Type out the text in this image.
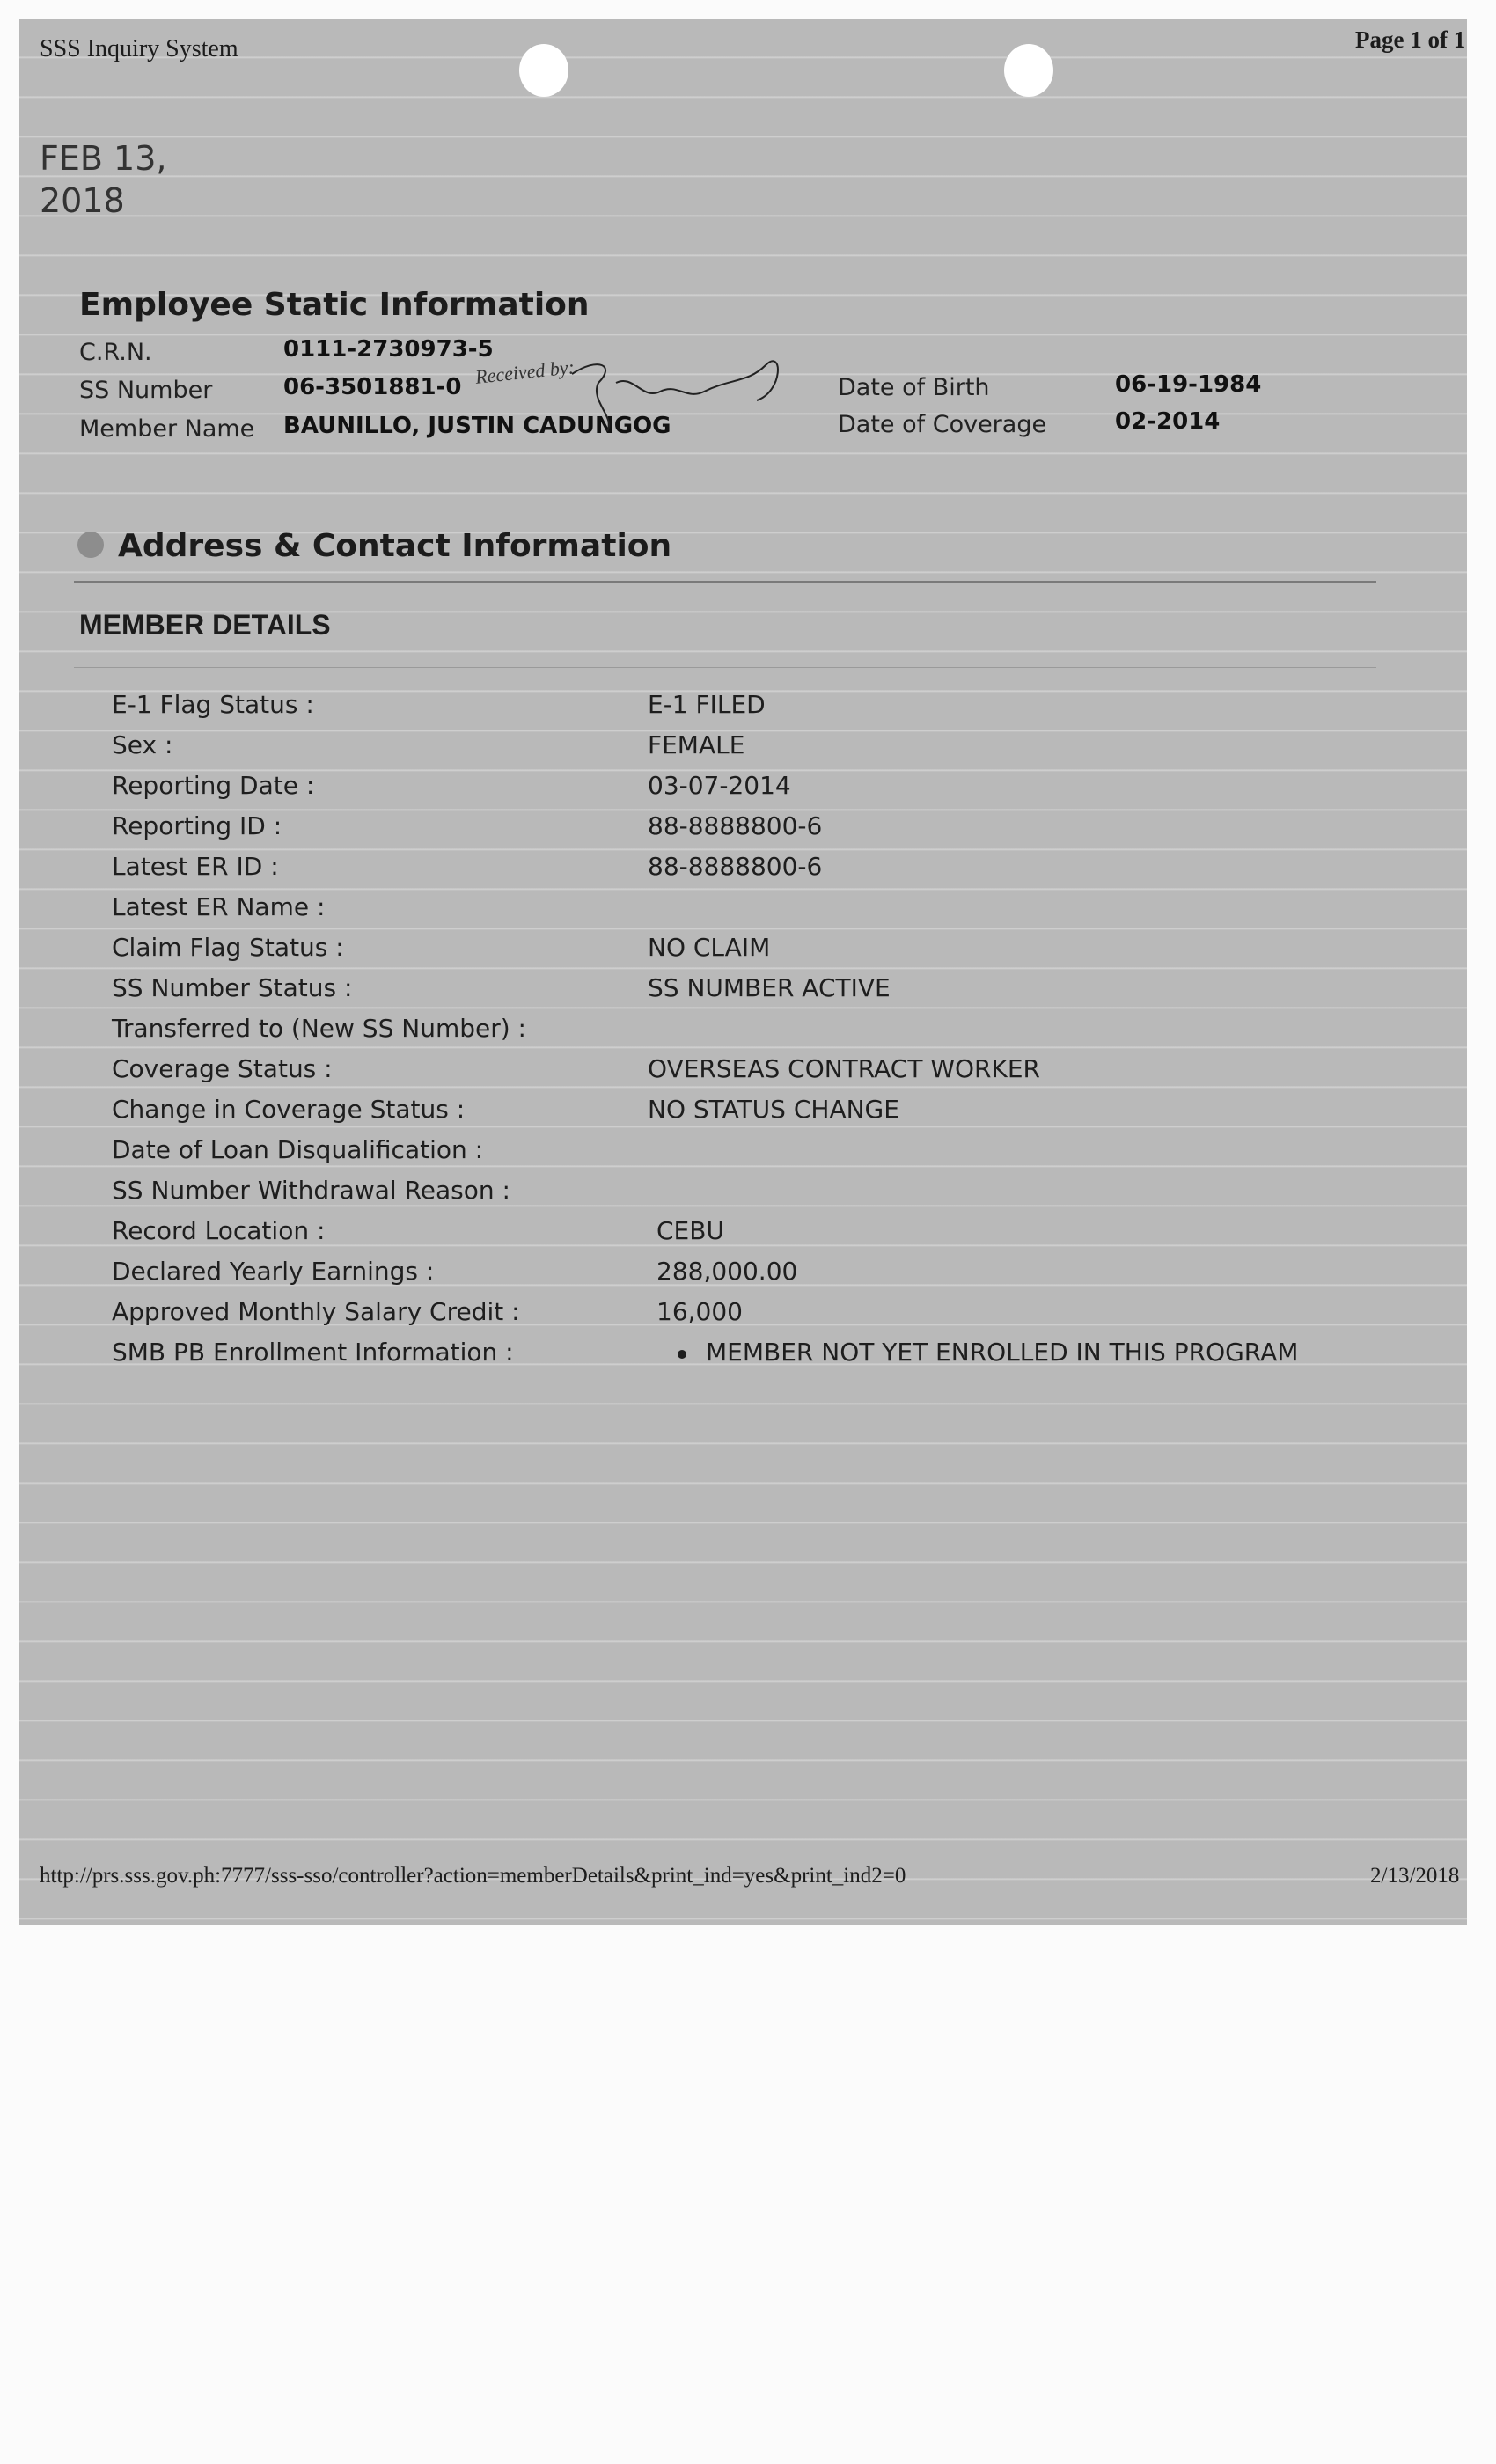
SSS Inquiry System	Page 1 of 1
FEB 13,
2018
Employee Static Information
C.R.N.	0111-2730973-5
SS Number	06-3501881-0
Member Name BAUNILLO, JUSTIN CADUNGOG
Date of Birth	06-19-1984
Date of Coverage	02-2014
Received by:
Address & Contact Information
MEMBER DETAILS
E-1 Flag Status :	E-1 FILED
Sex :	FEMALE
Reporting Date :	03-07-2014
Reporting ID :	88-8888800-6
Latest ER ID :	88-8888800-6
Latest ER Name :
Claim Flag Status :	NO CLAIM
SS Number Status :	SS NUMBER ACTIVE
Transferred to (New SS Number) :
Coverage Status :	OVERSEAS CONTRACT WORKER
Change in Coverage Status :	NO STATUS CHANGE
Date of Loan Disqualification :
SS Number Withdrawal Reason :
Record Location :	CEBU
Declared Yearly Earnings :	288,000.00
Approved Monthly Salary Credit :	16,000
SMB PB Enrollment Information :	MEMBER NOT YET ENROLLED IN THIS PROGRAM
http://prs.sss.gov.ph:7777/sss-sso/controller?action=memberDetails&print_ind=yes&print_ind2=0	2/13/2018
